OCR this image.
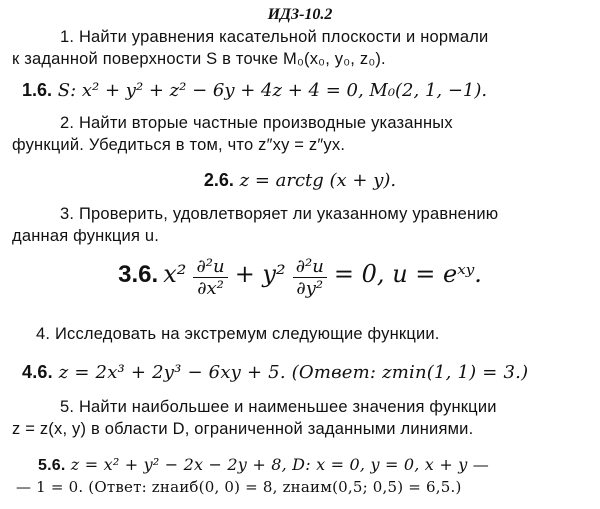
ИДЗ-10.2
1. Найти уравнения касательной плоскости и нормали
к заданной поверхности S в точке M₀(x₀, y₀, z₀).
1.6. S: x² + y² + z² − 6y + 4z + 4 = 0, M₀(2, 1, −1).
2. Найти вторые частные производные указанных
функций. Убедиться в том, что z″xy = z″yx.
2.6. z = arctg (x + y).
3. Проверить, удовлетворяет ли указанному уравнению
данная функция u.
3.6. $x^2 \frac{\text{∂²u}}{\text{∂x²}} + y^2 \frac{\text{∂²u}}{\text{∂y²}} = 0$, u = eˣʸ.
4. Исследовать на экстремум следующие функции.
4.6. z = 2x³ + 2y³ − 6xy + 5. (Ответ: zmin(1, 1) = 3.)
5. Найти наибольшее и наименьшее значения функции
z = z(x, y) в области D, ограниченной заданными линиями.
5.6. z = x² + y² − 2x − 2y + 8, D: x = 0, y = 0, x + y —
— 1 = 0. (Ответ: zнаиб(0, 0) = 8, zнаим(0,5; 0,5) = 6,5.)
